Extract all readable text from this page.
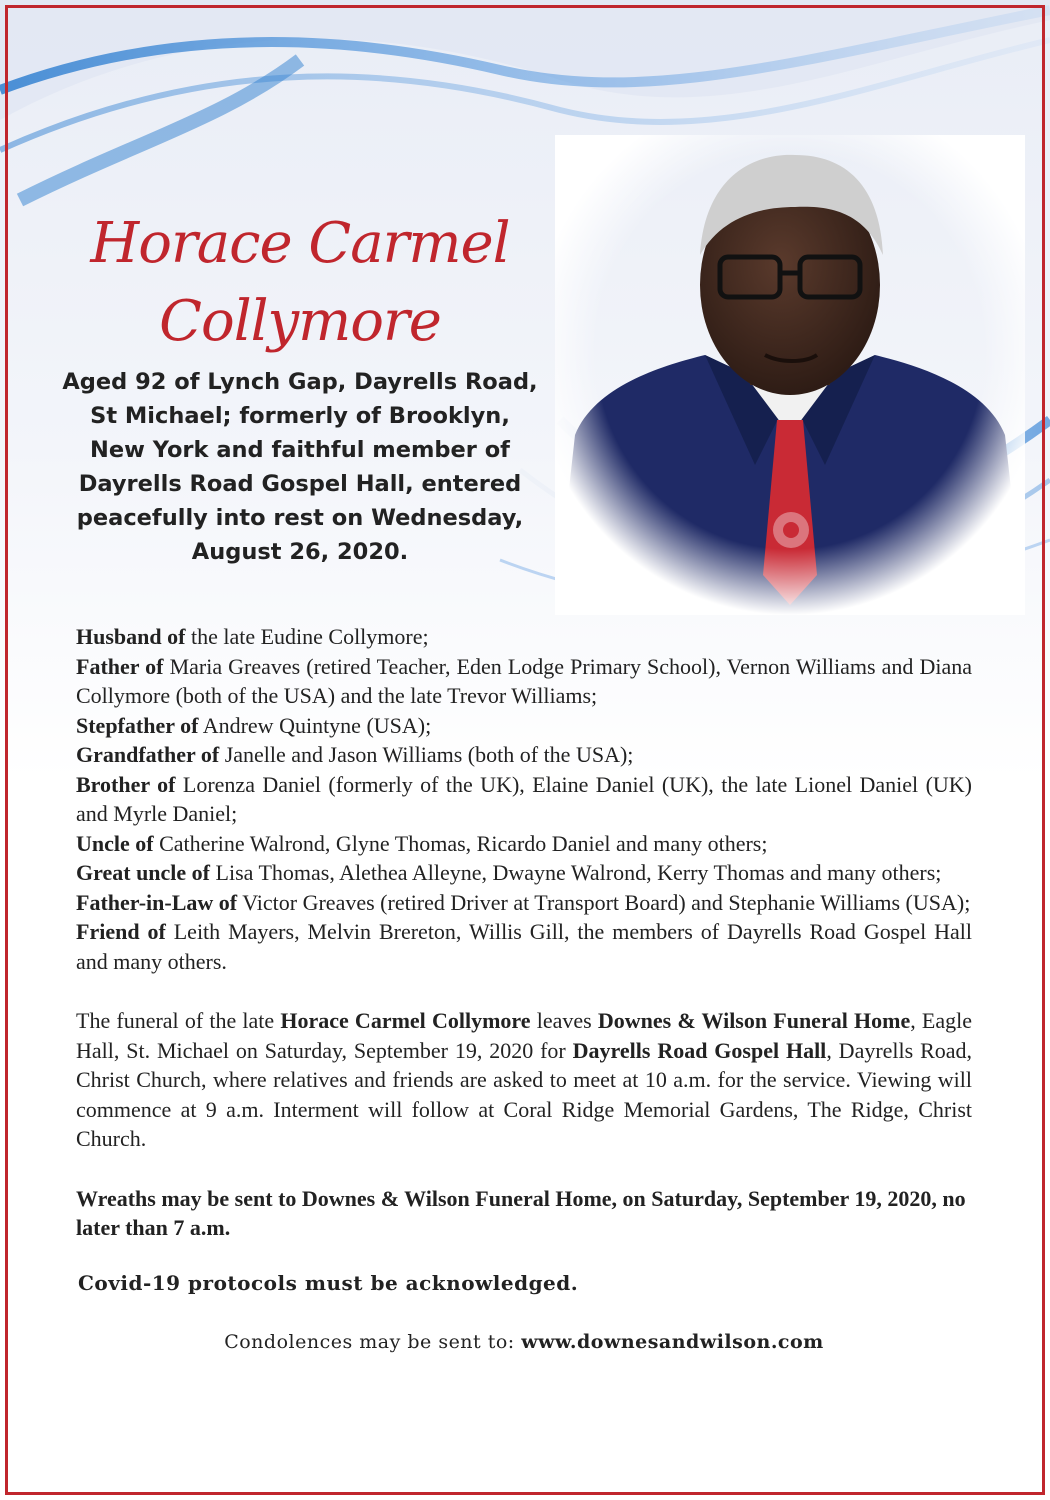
Horace Carmel
Collymore
Aged 92 of Lynch Gap, Dayrells Road, St Michael; formerly of Brooklyn, New York and faithful member of Dayrells Road Gospel Hall, entered peacefully into rest on Wednesday, August 26, 2020.
Husband of the late Eudine Collymore;
Father of Maria Greaves (retired Teacher, Eden Lodge Primary School), Vernon Williams and Diana Collymore (both of the USA) and the late Trevor Williams;
Stepfather of Andrew Quintyne (USA);
Grandfather of Janelle and Jason Williams (both of the USA);
Brother of Lorenza Daniel (formerly of the UK), Elaine Daniel (UK), the late Lionel Daniel (UK) and Myrle Daniel;
Uncle of Catherine Walrond, Glyne Thomas, Ricardo Daniel and many others;
Great uncle of Lisa Thomas, Alethea Alleyne, Dwayne Walrond, Kerry Thomas and many others;
Father-in-Law of Victor Greaves (retired Driver at Transport Board) and Stephanie Williams (USA);
Friend of Leith Mayers, Melvin Brereton, Willis Gill, the members of Dayrells Road Gospel Hall and many others.

The funeral of the late Horace Carmel Collymore leaves Downes & Wilson Funeral Home, Eagle Hall, St. Michael on Saturday, September 19, 2020 for Dayrells Road Gospel Hall, Dayrells Road, Christ Church, where relatives and friends are asked to meet at 10 a.m. for the service. Viewing will commence at 9 a.m. Interment will follow at Coral Ridge Memorial Gardens, The Ridge, Christ Church.

Wreaths may be sent to Downes & Wilson Funeral Home, on Saturday, September 19, 2020, no later than 7 a.m.

Covid-19 protocols must be acknowledged.

Condolences may be sent to: www.downesandwilson.com
